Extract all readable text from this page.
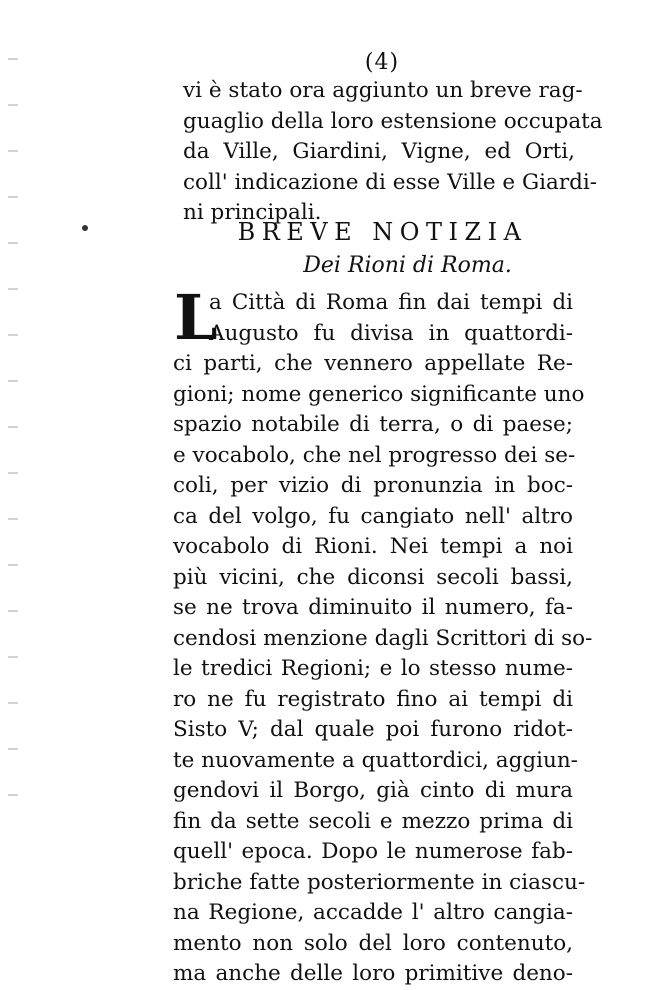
(4)
vi è stato ora aggiunto un breve rag-
guaglio della loro estensione occupata
da Ville, Giardini, Vigne, ed Orti,
coll' indicazione di esse Ville e Giardi-
ni principali.
BREVE NOTIZIA
Dei Rioni di Roma.
L
a Città di Roma fin dai tempi di
Augusto fu divisa in quattordi-
ci parti, che vennero appellate Re-
gioni; nome generico significante uno
spazio notabile di terra, o di paese;
e vocabolo, che nel progresso dei se-
coli, per vizio di pronunzia in boc-
ca del volgo, fu cangiato nell' altro
vocabolo di Rioni. Nei tempi a noi
più vicini, che diconsi secoli bassi,
se ne trova diminuito il numero, fa-
cendosi menzione dagli Scrittori di so-
le tredici Regioni; e lo stesso nume-
ro ne fu registrato fino ai tempi di
Sisto V; dal quale poi furono ridot-
te nuovamente a quattordici, aggiun-
gendovi il Borgo, già cinto di mura
fin da sette secoli e mezzo prima di
quell' epoca. Dopo le numerose fab-
briche fatte posteriormente in ciascu-
na Regione, accadde l' altro cangia-
mento non solo del loro contenuto,
ma anche delle loro primitive deno-
